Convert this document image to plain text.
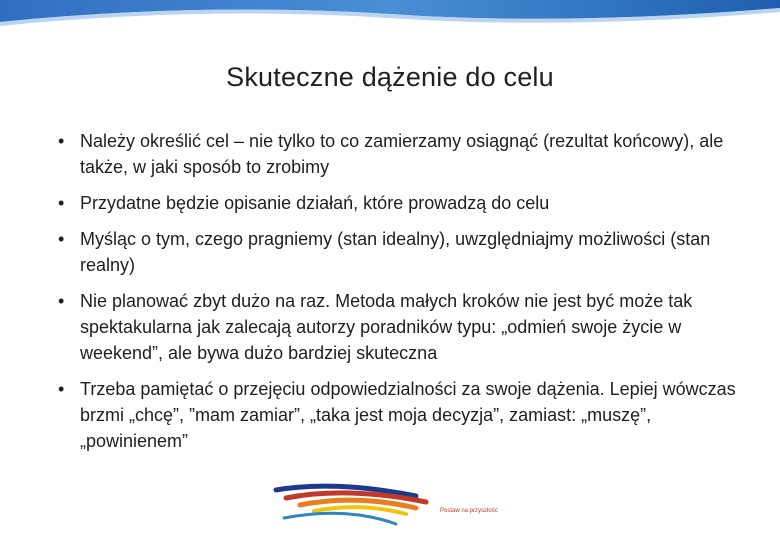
Skuteczne dążenie do celu
• Należy określić cel – nie tylko to co zamierzamy osiągnąć (rezultat końcowy), ale także, w jaki sposób to zrobimy
• Przydatne będzie opisanie działań, które prowadzą do celu
• Myśląc o tym, czego pragniemy (stan idealny), uwzględniajmy możliwości (stan realny)
• Nie planować zbyt dużo na raz. Metoda małych kroków nie jest być może tak spektakularna jak zalecają autorzy poradników typu: „odmień swoje życie w weekend”, ale bywa dużo bardziej skuteczna
• Trzeba pamiętać o przejęciu odpowiedzialności za swoje dążenia. Lepiej wówczas brzmi „chcę”, ”mam zamiar”, „taka jest moja decyzja”, zamiast: „muszę”, „powinienem”
Postaw na przyszłość
